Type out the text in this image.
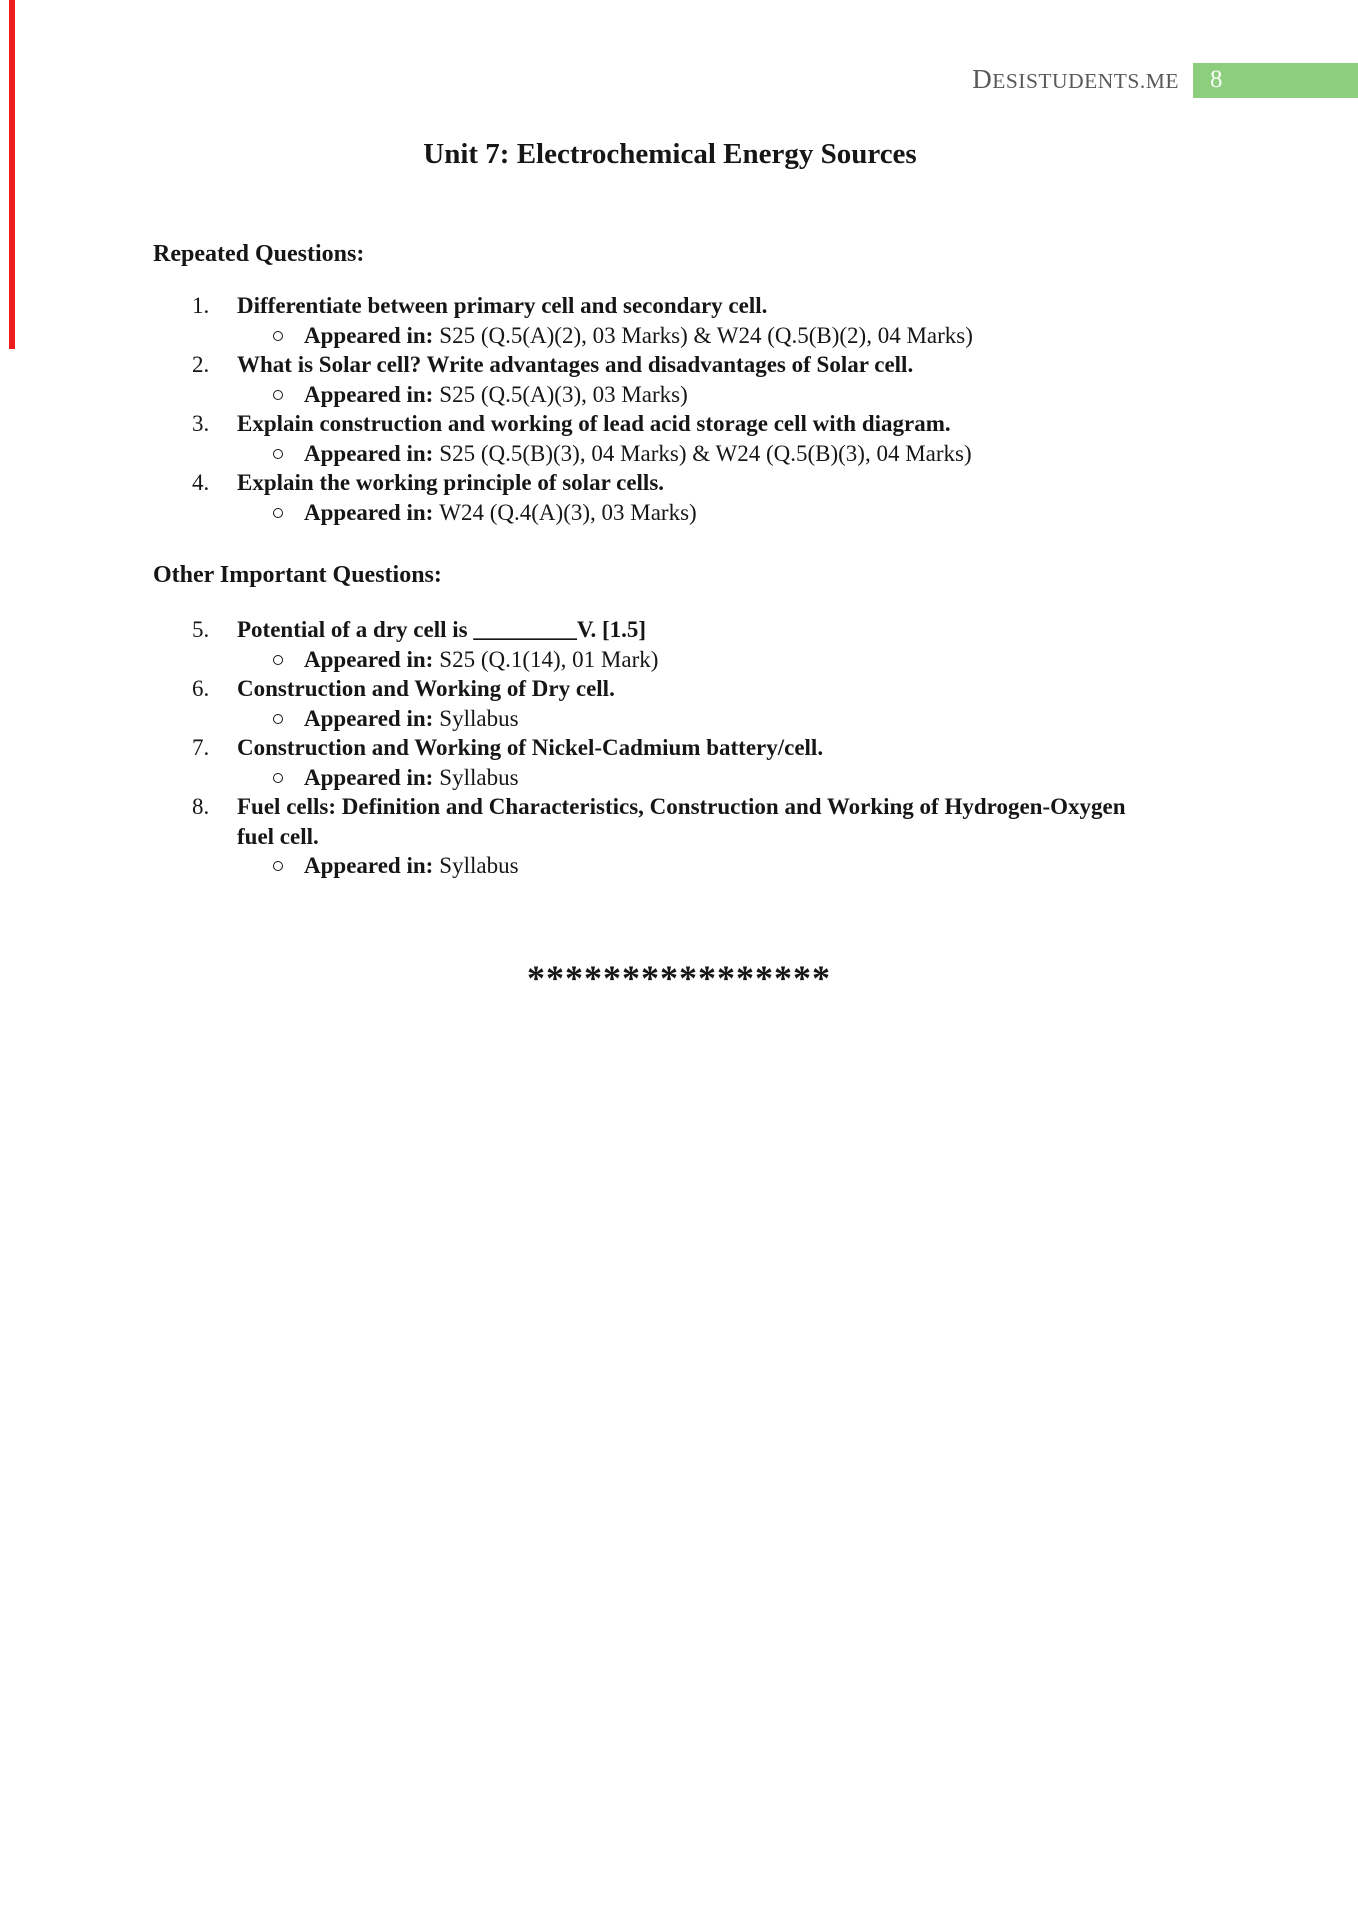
DESISTUDENTS.ME	8
Unit 7: Electrochemical Energy Sources
Repeated Questions:
1.	Differentiate between primary cell and secondary cell.
Appeared in: S25 (Q.5(A)(2), 03 Marks) & W24 (Q.5(B)(2), 04 Marks)
2.	What is Solar cell? Write advantages and disadvantages of Solar cell.
Appeared in: S25 (Q.5(A)(3), 03 Marks)
3.	Explain construction and working of lead acid storage cell with diagram.
Appeared in: S25 (Q.5(B)(3), 04 Marks) & W24 (Q.5(B)(3), 04 Marks)
4.	Explain the working principle of solar cells.
Appeared in: W24 (Q.4(A)(3), 03 Marks)
Other Important Questions:
5.	Potential of a dry cell is _________V. [1.5]
Appeared in: S25 (Q.1(14), 01 Mark)
6.	Construction and Working of Dry cell.
Appeared in: Syllabus
7.	Construction and Working of Nickel-Cadmium battery/cell.
Appeared in: Syllabus
8.	Fuel cells: Definition and Characteristics, Construction and Working of Hydrogen-Oxygen fuel cell.
Appeared in: Syllabus
****************
